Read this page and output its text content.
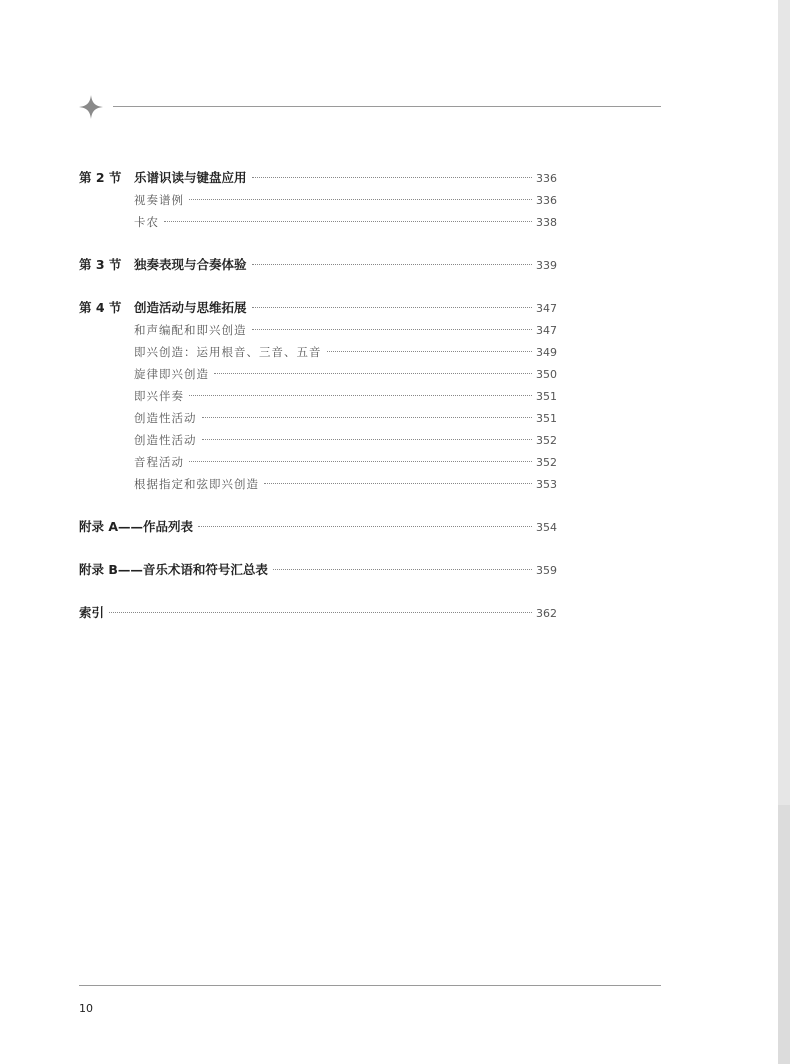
第 2 节	乐谱识读与键盘应用	336
视奏谱例	336
卡农	338
第 3 节	独奏表现与合奏体验	339
第 4 节	创造活动与思维拓展	347
和声编配和即兴创造	347
即兴创造：运用根音、三音、五音	349
旋律即兴创造	350
即兴伴奏	351
创造性活动	351
创造性活动	352
音程活动	352
根据指定和弦即兴创造	353
附录 A——作品列表	354
附录 B——音乐术语和符号汇总表	359
索引	362
10
